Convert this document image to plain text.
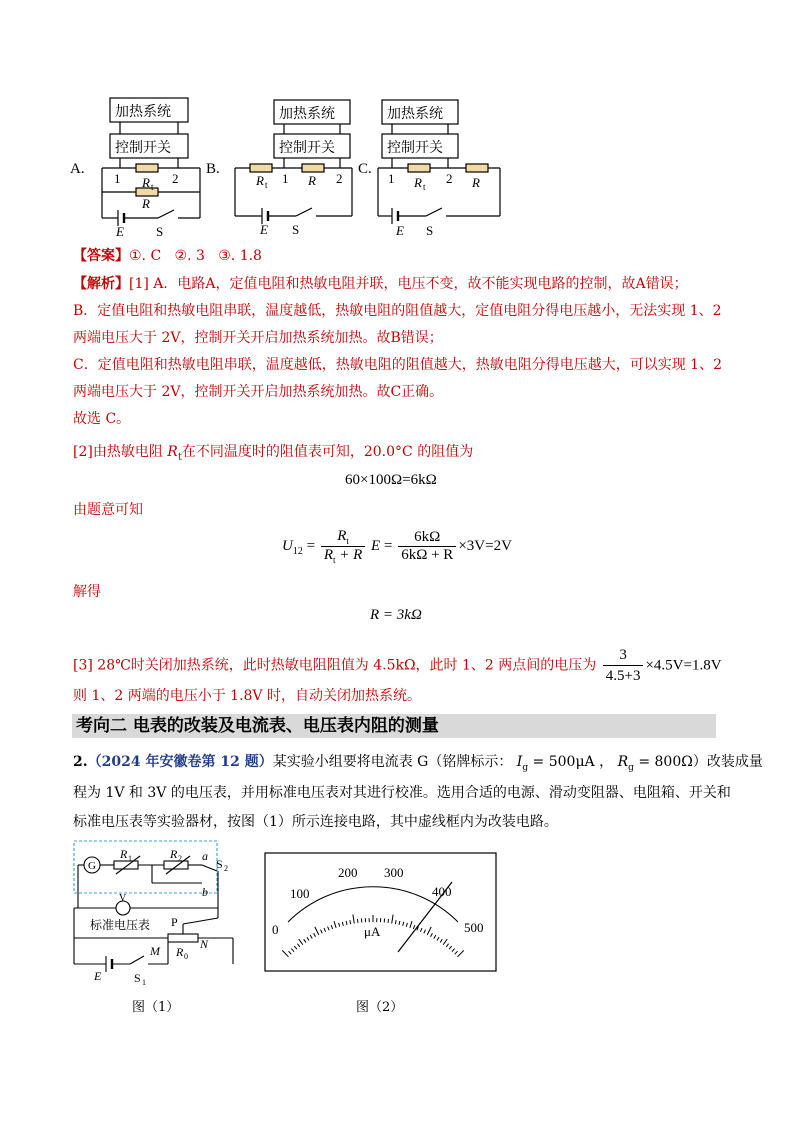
A.
加热系统
控制开关
1	2
R t
R
E S
B.
加热系统
控制开关
R t 1 R 2
E S
C.
加热系统
控制开关
1 R t
2 R
E S
【答案】①. C ②. 3 ③. 1.8
【解析】[1] A．电路A，定值电阻和热敏电阻并联，电压不变，故不能实现电路的控制，故A错误；
B．定值电阻和热敏电阻串联，温度越低，热敏电阻的阻值越大，定值电阻分得电压越小，无法实现 1、2
两端电压大于 2V，控制开关开启加热系统加热。故B错误；
C．定值电阻和热敏电阻串联，温度越低，热敏电阻的阻值越大，热敏电阻分得电压越大，可以实现 1、2
两端电压大于 2V，控制开关开启加热系统加热。故C正确。
故选 C。
[2]由热敏电阻 $R_t$在不同温度时的阻值表可知，20.0°C 的阻值为
60×100Ω=6kΩ
由题意可知
$U_{12} = \frac{R_t}{R_t + R}$ $E = \frac{6k\Omega}{6k\Omega + R} \times 3V=2V$
解得
R = 3kΩ
[3] 28℃时关闭加热系统，此时热敏电阻阻值为 4.5kΩ，此时 1、2 两点间的电压为 $\frac{3}{4.5+3} \times 4.5V=1.8V$
则 1、2 两端的电压小于 1.8V 时，自动关闭加热系统。
考向二 电表的改装及电流表、电压表内阻的测量
2.（2024 年安徽卷第 12 题）某实验小组要将电流表 G（铭牌标示： $I_g = 500\mu A$ ， $R_g = 800\Omega$）改装成量
程为 1V 和 3V 的电压表，并用标准电压表对其进行校准。选用合适的电源、滑动变阻器、电阻箱、开关和
标准电压表等实验器材，按图（1）所示连接电路，其中虚线框内为改装电路。
G
V
R 1	R 2 a
b
S 2
标准电压表 P
M	N
R 0
E	S 1
图（1）
0
100
200 300
400
500
μA
图（2）
